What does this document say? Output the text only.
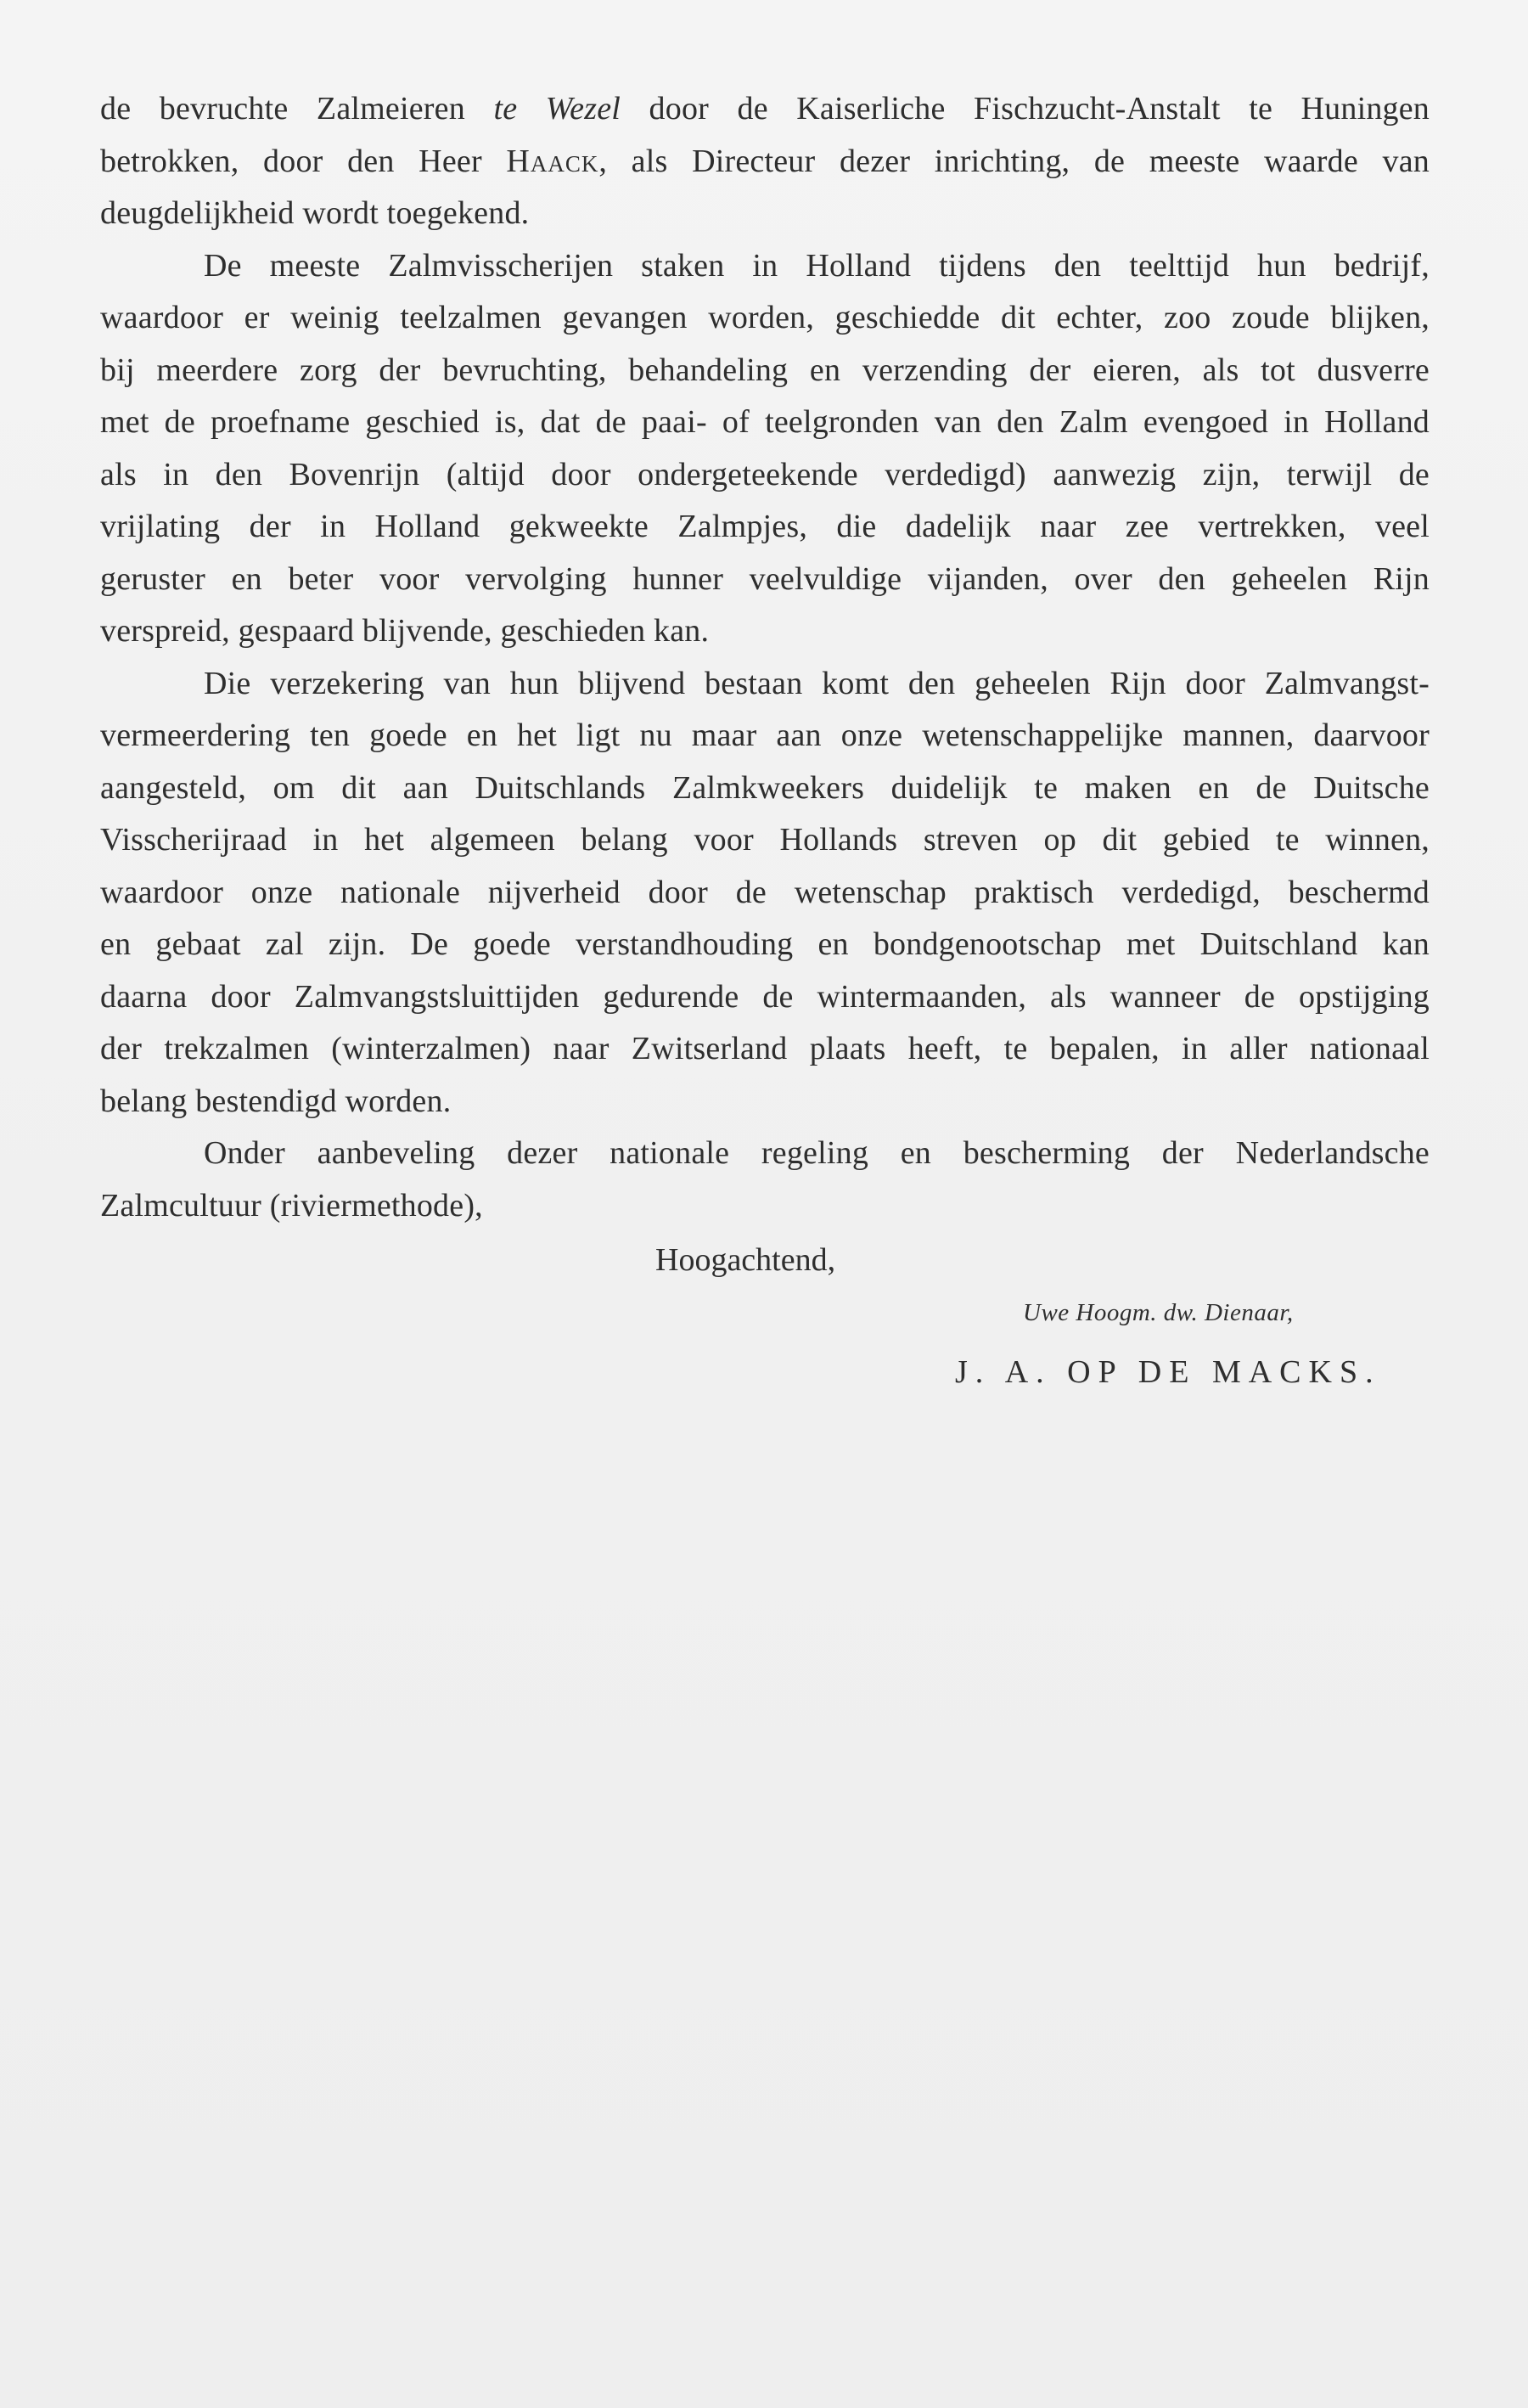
de bevruchte Zalmeieren te Wezel door de Kaiserliche Fischzucht-Anstalt te Huningen
betrokken, door den Heer Haack, als Directeur dezer inrichting, de meeste waarde van
deugdelijkheid wordt toegekend.
De meeste Zalmvisscherijen staken in Holland tijdens den teelttijd hun bedrijf,
waardoor er weinig teelzalmen gevangen worden, geschiedde dit echter, zoo zoude blijken,
bij meerdere zorg der bevruchting, behandeling en verzending der eieren, als tot dusverre
met de proefname geschied is, dat de paai- of teelgronden van den Zalm evengoed in Holland
als in den Bovenrijn (altijd door ondergeteekende verdedigd) aanwezig zijn, terwijl de
vrijlating der in Holland gekweekte Zalmpjes, die dadelijk naar zee vertrekken, veel
geruster en beter voor vervolging hunner veelvuldige vijanden, over den geheelen Rijn
verspreid, gespaard blijvende, geschieden kan.
Die verzekering van hun blijvend bestaan komt den geheelen Rijn door Zalmvangst-
vermeerdering ten goede en het ligt nu maar aan onze wetenschappelijke mannen, daarvoor
aangesteld, om dit aan Duitschlands Zalmkweekers duidelijk te maken en de Duitsche
Visscherijraad in het algemeen belang voor Hollands streven op dit gebied te winnen,
waardoor onze nationale nijverheid door de wetenschap praktisch verdedigd, beschermd
en gebaat zal zijn. De goede verstandhouding en bondgenootschap met Duitschland kan
daarna door Zalmvangstsluittijden gedurende de wintermaanden, als wanneer de opstijging
der trekzalmen (winterzalmen) naar Zwitserland plaats heeft, te bepalen, in aller nationaal
belang bestendigd worden.
Onder aanbeveling dezer nationale regeling en bescherming der Nederlandsche
Zalmcultuur (riviermethode),
Hoogachtend,
Uwe Hoogm. dw. Dienaar,
J. A. OP DE MACKS.
